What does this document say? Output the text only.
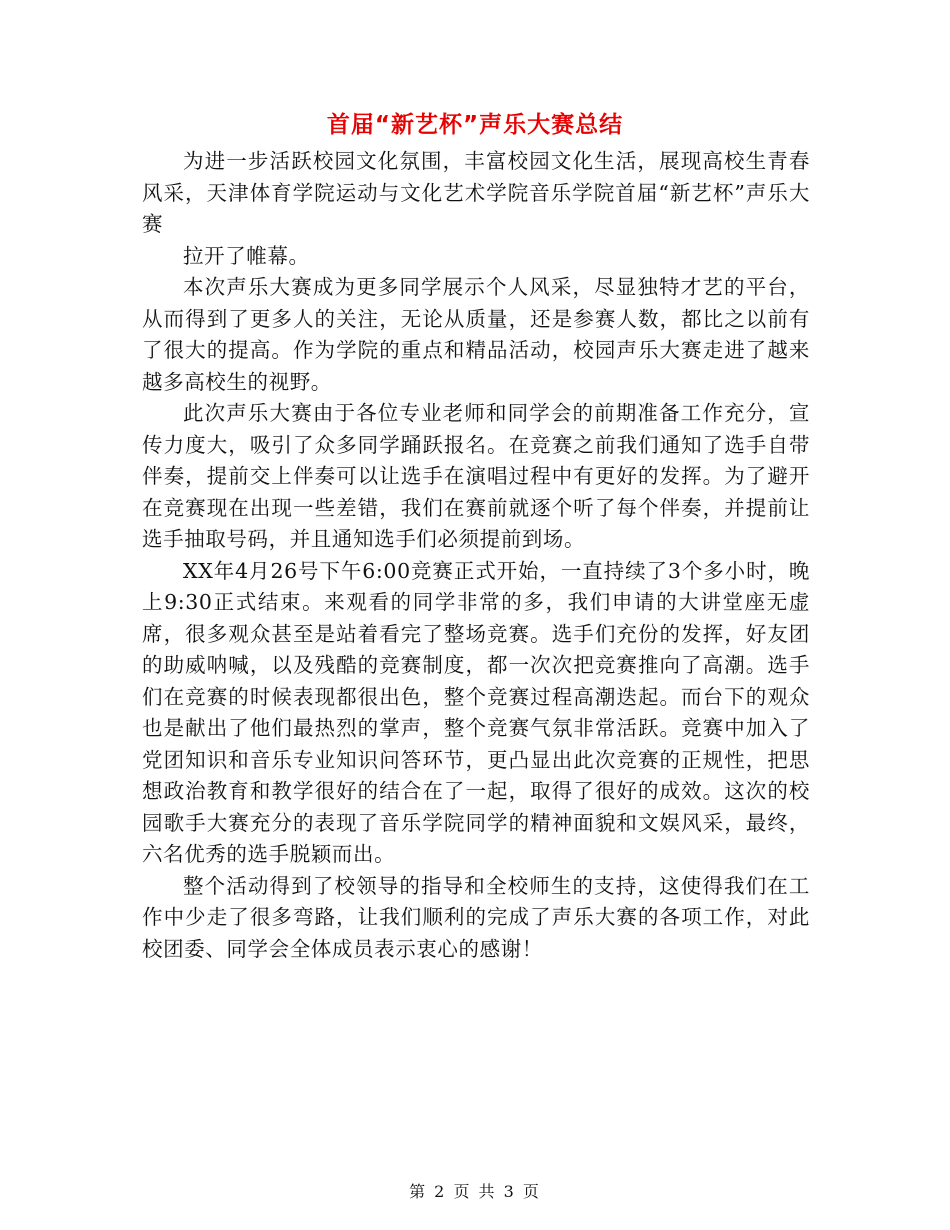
首届“新艺杯”声乐大赛总结

为进一步活跃校园文化氛围，丰富校园文化生活，展现高校生青春风采，天津体育学院运动与文化艺术学院音乐学院首届“新艺杯”声乐大赛

拉开了帷幕。

本次声乐大赛成为更多同学展示个人风采，尽显独特才艺的平台，从而得到了更多人的关注，无论从质量，还是参赛人数，都比之以前有了很大的提高。作为学院的重点和精品活动，校园声乐大赛走进了越来越多高校生的视野。

此次声乐大赛由于各位专业老师和同学会的前期准备工作充分，宣传力度大，吸引了众多同学踊跃报名。在竞赛之前我们通知了选手自带伴奏，提前交上伴奏可以让选手在演唱过程中有更好的发挥。为了避开在竞赛现在出现一些差错，我们在赛前就逐个听了每个伴奏，并提前让选手抽取号码，并且通知选手们必须提前到场。

XX年4月26号下午6:00竞赛正式开始，一直持续了3个多小时，晚上9:30正式结束。来观看的同学非常的多，我们申请的大讲堂座无虚席，很多观众甚至是站着看完了整场竞赛。选手们充份的发挥，好友团的助威呐喊，以及残酷的竞赛制度，都一次次把竞赛推向了高潮。选手们在竞赛的时候表现都很出色，整个竞赛过程高潮迭起。而台下的观众也是献出了他们最热烈的掌声，整个竞赛气氛非常活跃。竞赛中加入了党团知识和音乐专业知识问答环节，更凸显出此次竞赛的正规性，把思想政治教育和教学很好的结合在了一起，取得了很好的成效。这次的校园歌手大赛充分的表现了音乐学院同学的精神面貌和文娱风采，最终，六名优秀的选手脱颖而出。

整个活动得到了校领导的指导和全校师生的支持，这使得我们在工作中少走了很多弯路，让我们顺利的完成了声乐大赛的各项工作，对此校团委、同学会全体成员表示衷心的感谢！

第 2 页 共 3 页
